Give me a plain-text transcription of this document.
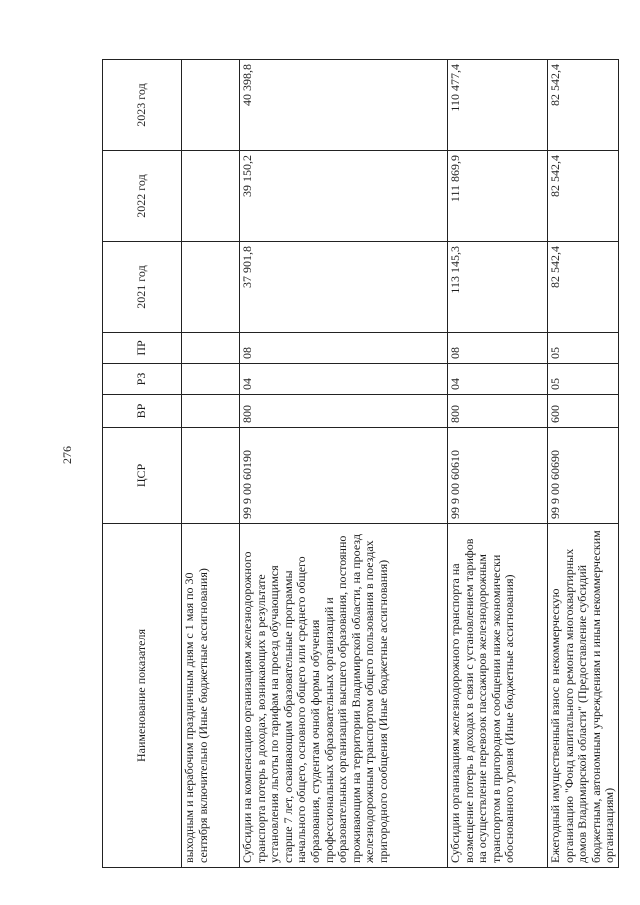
276
Наименование показателя	ЦСР	ВР	РЗ	ПР	2021 год	2022 год	2023 год
выходным и нерабочим праздничным дням с 1 мая по 30 сентября включительно (Иные бюджетные ассигнования)							
Субсидии на компенсацию организациям железнодорожного транспорта потерь в доходах, возникающих в результате установления льготы по тарифам на проезд обучающимся старше 7 лет, осваивающим образовательные программы начального общего, основного общего или среднего общего образования, студентам очной формы обучения профессиональных образовательных организаций и образовательных организаций высшего образования, постоянно проживающим на территории Владимирской области, на проезд железнодорожным транспортом общего пользования в поездах пригородного сообщения (Иные бюджетные ассигнования)	99 9 00 60190	800	04	08	37 901,8	39 150,2	40 398,8
Субсидии организациям железнодорожного транспорта на возмещение потерь в доходах в связи с установлением тарифов на осуществление перевозок пассажиров железнодорожным транспортом в пригородном сообщении ниже экономически обоснованного уровня (Иные бюджетные ассигнования)	99 9 00 60610	800	04	08	113 145,3	111 869,9	110 477,4
Ежегодный имущественный взнос в некоммерческую организацию "Фонд капитального ремонта многоквартирных домов Владимирской области" (Предоставление субсидий бюджетным, автономным учреждениям и иным некоммерческим организациям)	99 9 00 60690	600	05	05	82 542,4	82 542,4	82 542,4
